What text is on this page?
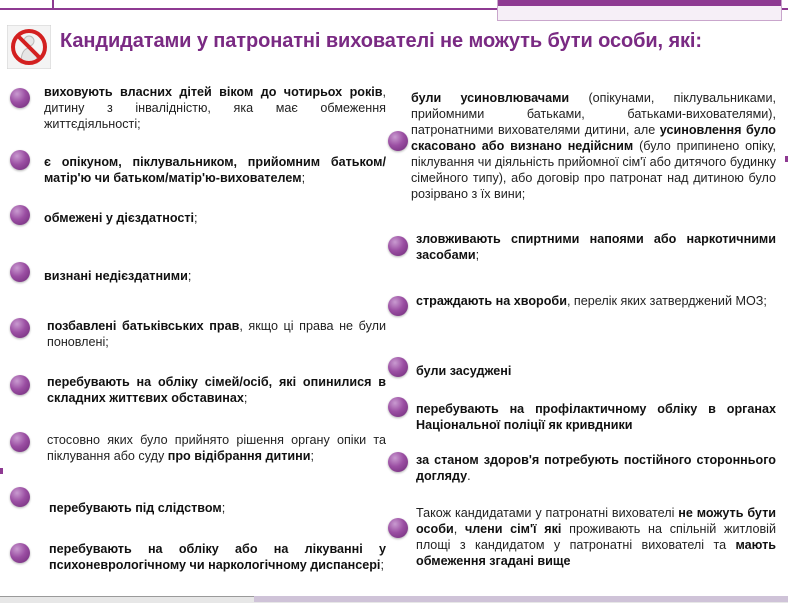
Кандидатами у патронатні вихователі не можуть бути особи, які:
виховують власних дітей віком до чотирьох років, дитину з інвалідністю, яка має обмеження життєдіяльності;
є опікуном, піклувальником, прийомним батьком/матір'ю чи батьком/матір'ю-вихователем;
обмежені у дієздатності;
визнані недієздатними;
позбавлені батьківських прав, якщо ці права не були поновлені;
перебувають на обліку сімей/осіб, які опинилися в складних життєвих обставинах;
стосовно яких було прийнято рішення органу опіки та піклування або суду про відібрання дитини;
перебувають під слідством;
перебувають на обліку або на лікуванні у психоневрологічному чи наркологічному диспансері;
були усиновлювачами (опікунами, піклувальниками, прийомними батьками, батьками-вихователями), патронатними вихователями дитини, але усиновлення було скасовано або визнано недійсним (було припинено опіку, піклування чи діяльність прийомної сім'ї або дитячого будинку сімейного типу), або договір про патронат над дитиною було розірвано з їх вини;
зловживають спиртними напоями або наркотичними засобами;
страждають на хвороби, перелік яких затверджений МОЗ;
були засуджені
перебувають на профілактичному обліку в органах Національної поліції як кривдники
за станом здоров'я потребують постійного стороннього догляду.
Також кандидатами у патронатні вихователі не можуть бути особи, члени сім'ї які проживають на спільній житловій площі з кандидатом у патронатні вихователі та мають обмеження згадані вище
